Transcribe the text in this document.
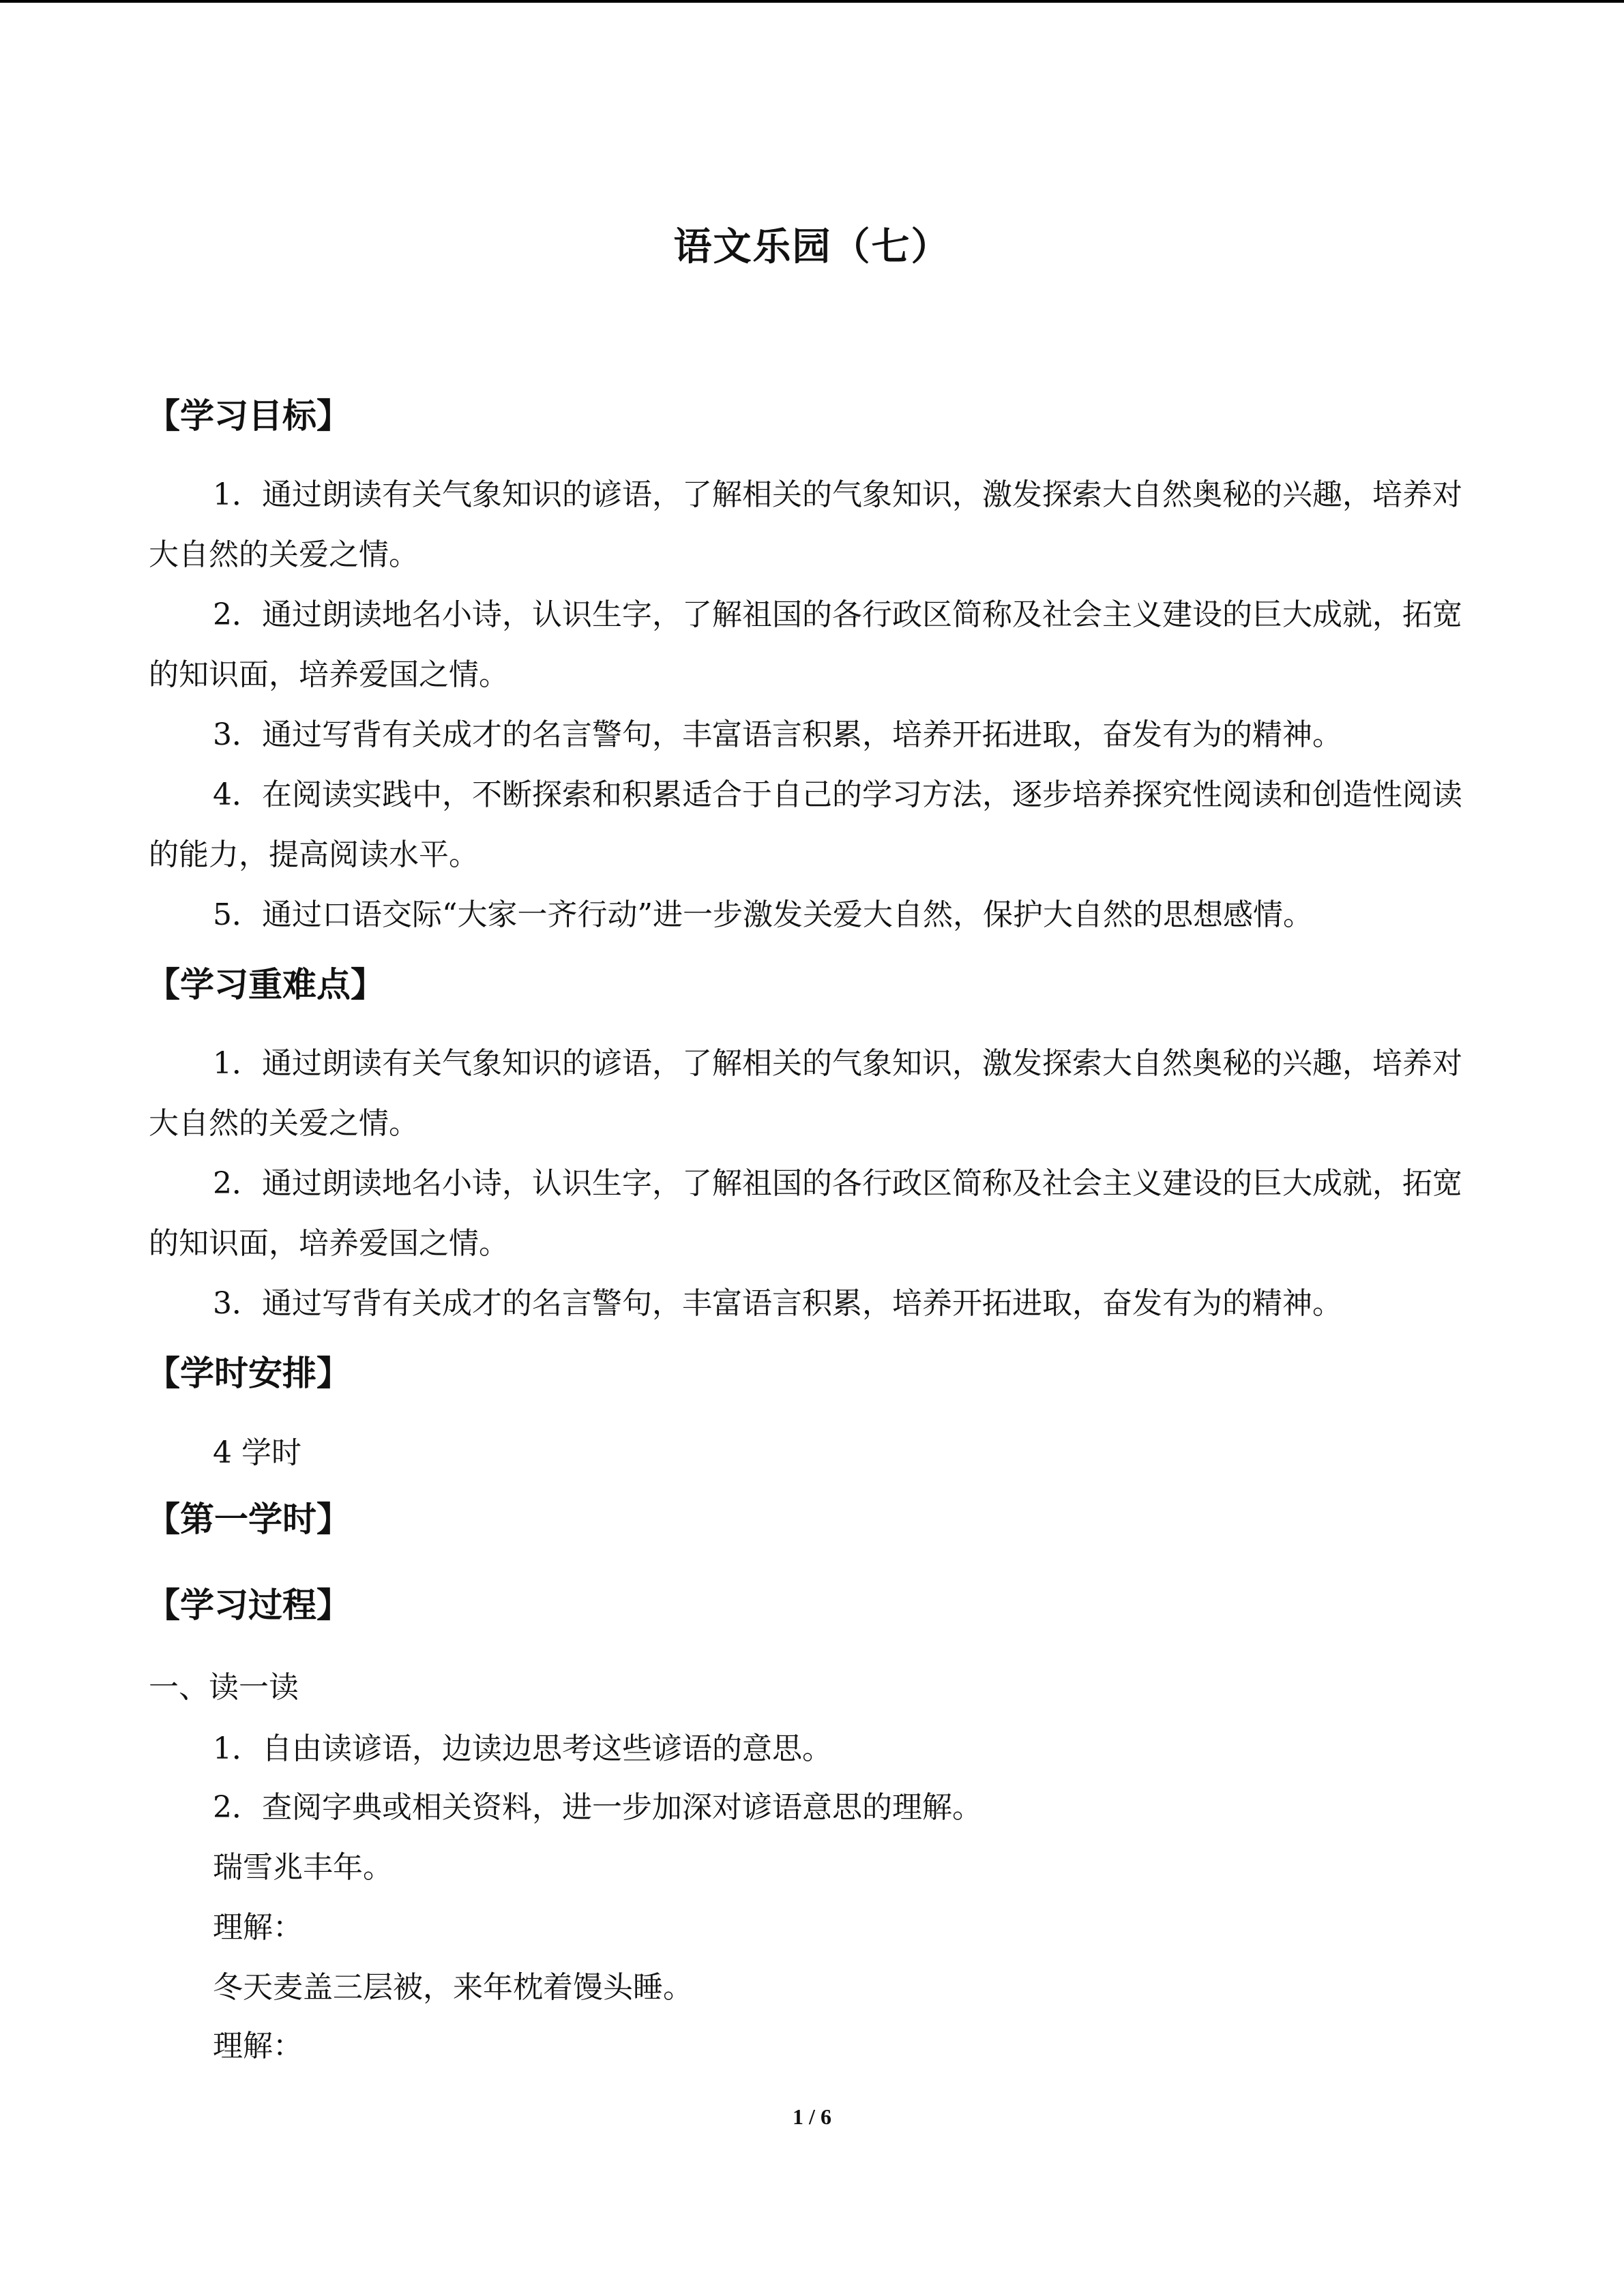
语文乐园（七）
【学习目标】
1．通过朗读有关气象知识的谚语，了解相关的气象知识，激发探索大自然奥秘的兴趣，培养对大自然的关爱之情。
2．通过朗读地名小诗，认识生字，了解祖国的各行政区简称及社会主义建设的巨大成就，拓宽的知识面，培养爱国之情。
3．通过写背有关成才的名言警句，丰富语言积累，培养开拓进取，奋发有为的精神。
4．在阅读实践中，不断探索和积累适合于自己的学习方法，逐步培养探究性阅读和创造性阅读的能力，提高阅读水平。
5．通过口语交际“大家一齐行动”进一步激发关爱大自然，保护大自然的思想感情。
【学习重难点】
1．通过朗读有关气象知识的谚语，了解相关的气象知识，激发探索大自然奥秘的兴趣，培养对大自然的关爱之情。
2．通过朗读地名小诗，认识生字，了解祖国的各行政区简称及社会主义建设的巨大成就，拓宽的知识面，培养爱国之情。
3．通过写背有关成才的名言警句，丰富语言积累，培养开拓进取，奋发有为的精神。
【学时安排】
4 学时
【第一学时】
【学习过程】
一、读一读
1．自由读谚语，边读边思考这些谚语的意思。
2．查阅字典或相关资料，进一步加深对谚语意思的理解。
瑞雪兆丰年。
理解：
冬天麦盖三层被，来年枕着馒头睡。
理解：
1 / 6
